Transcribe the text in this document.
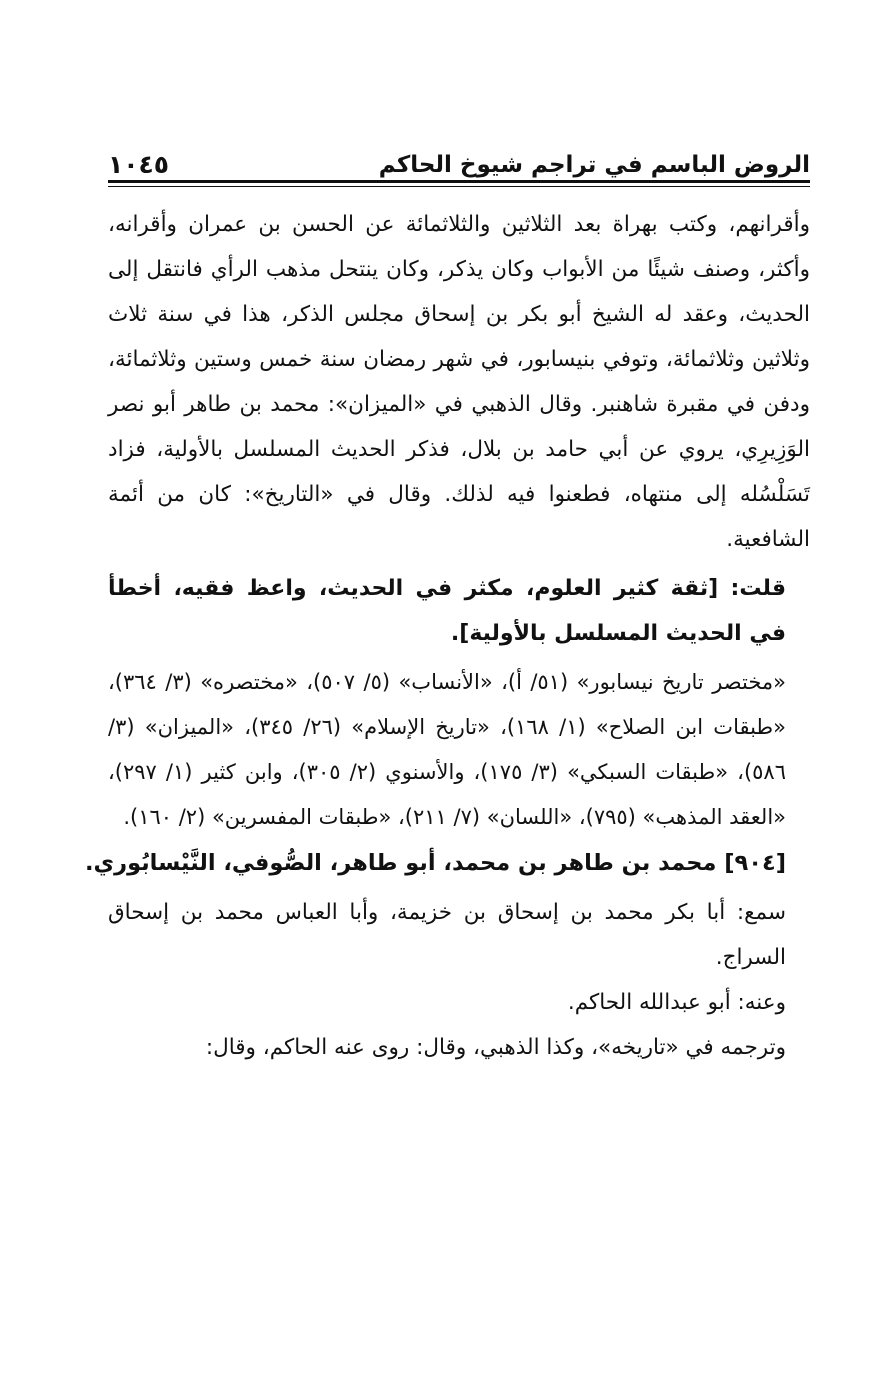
الروض الباسم في تراجم شيوخ الحاكم
١٠٤٥

وأقرانهم، وكتب بهراة بعد الثلاثين والثلاثمائة عن الحسن بن عمران وأقرانه، وأكثر، وصنف شيئًا من الأبواب وكان يذكر، وكان ينتحل مذهب الرأي فانتقل إلى الحديث، وعقد له الشيخ أبو بكر بن إسحاق مجلس الذكر، هذا في سنة ثلاث وثلاثين وثلاثمائة، وتوفي بنيسابور، في شهر رمضان سنة خمس وستين وثلاثمائة، ودفن في مقبرة شاهنبر. وقال الذهبي في «الميزان»: محمد بن طاهر أبو نصر الوَزِيرِي، يروي عن أبي حامد بن بلال، فذكر الحديث المسلسل بالأولية، فزاد تَسَلْسُله إلى منتهاه، فطعنوا فيه لذلك. وقال في «التاريخ»: كان من أئمة الشافعية.

قلت: [ثقة كثير العلوم، مكثر في الحديث، واعظ فقيه، أخطأ في الحديث المسلسل بالأولية].

«مختصر تاريخ نيسابور» (٥١/ أ)، «الأنساب» (٥/ ٥٠٧)، «مختصره» (٣/ ٣٦٤)، «طبقات ابن الصلاح» (١/ ١٦٨)، «تاريخ الإسلام» (٢٦/ ٣٤٥)، «الميزان» (٣/ ٥٨٦)، «طبقات السبكي» (٣/ ١٧٥)، والأسنوي (٢/ ٣٠٥)، وابن كثير (١/ ٢٩٧)، «العقد المذهب» (٧٩٥)، «اللسان» (٧/ ٢١١)، «طبقات المفسرين» (٢/ ١٦٠).

[٩٠٤] محمد بن طاهر بن محمد، أبو طاهر، الصُّوفي، النَّيْسابُوري.

سمع: أبا بكر محمد بن إسحاق بن خزيمة، وأبا العباس محمد بن إسحاق السراج.

وعنه: أبو عبدالله الحاكم.

وترجمه في «تاريخه»، وكذا الذهبي، وقال: روى عنه الحاكم، وقال:
